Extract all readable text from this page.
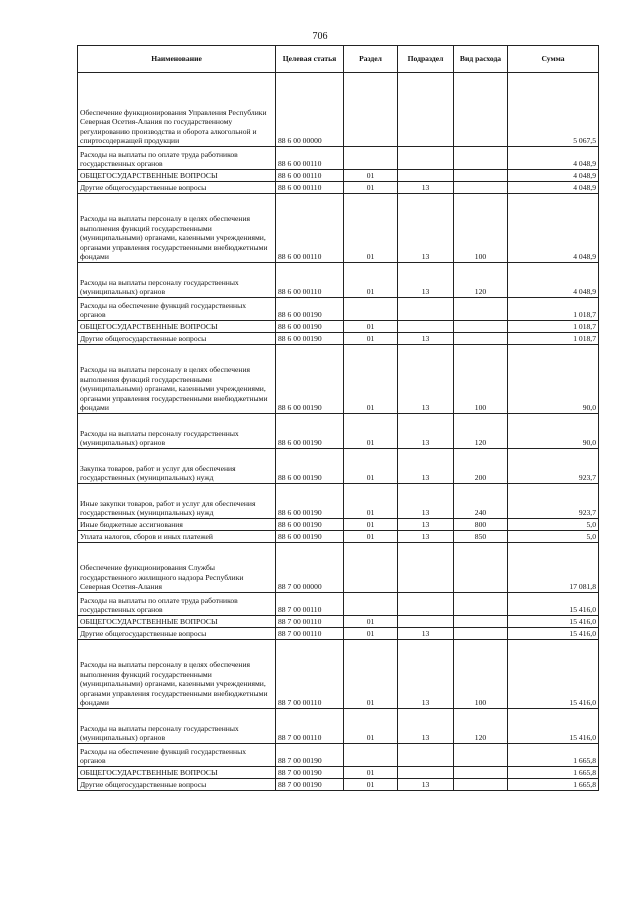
706
Наименование	Целевая статья	Раздел	Подраздел	Вид расхода	Сумма
Обеспечение функционирования Управления Республики Северная Осетия-Алания по государственному регулированию производства и оборота алкогольной и спиртосодержащей продукции	88 6 00 00000				5 067,5
Расходы на выплаты по оплате труда работников государственных органов	88 6 00 00110				4 048,9
ОБЩЕГОСУДАРСТВЕННЫЕ ВОПРОСЫ	88 6 00 00110	01			4 048,9
Другие общегосударственные вопросы	88 6 00 00110	01	13		4 048,9
Расходы на выплаты персоналу в целях обеспечения выполнения функций государственными (муниципальными) органами, казенными учреждениями, органами управления государственными внебюджетными фондами	88 6 00 00110	01	13	100	4 048,9
Расходы на выплаты персоналу государственных (муниципальных) органов	88 6 00 00110	01	13	120	4 048,9
Расходы на обеспечение функций государственных органов	88 6 00 00190				1 018,7
ОБЩЕГОСУДАРСТВЕННЫЕ ВОПРОСЫ	88 6 00 00190	01			1 018,7
Другие общегосударственные вопросы	88 6 00 00190	01	13		1 018,7
Расходы на выплаты персоналу в целях обеспечения выполнения функций государственными (муниципальными) органами, казенными учреждениями, органами управления государственными внебюджетными фондами	88 6 00 00190	01	13	100	90,0
Расходы на выплаты персоналу государственных (муниципальных) органов	88 6 00 00190	01	13	120	90,0
Закупка товаров, работ и услуг для обеспечения государственных (муниципальных) нужд	88 6 00 00190	01	13	200	923,7
Иные закупки товаров, работ и услуг для обеспечения государственных (муниципальных) нужд	88 6 00 00190	01	13	240	923,7
Иные бюджетные ассигнования	88 6 00 00190	01	13	800	5,0
Уплата налогов, сборов и иных платежей	88 6 00 00190	01	13	850	5,0
Обеспечение функционирования Службы государственного жилищного надзора Республики Северная Осетия-Алания	88 7 00 00000				17 081,8
Расходы на выплаты по оплате труда работников государственных органов	88 7 00 00110				15 416,0
ОБЩЕГОСУДАРСТВЕННЫЕ ВОПРОСЫ	88 7 00 00110	01			15 416,0
Другие общегосударственные вопросы	88 7 00 00110	01	13		15 416,0
Расходы на выплаты персоналу в целях обеспечения выполнения функций государственными (муниципальными) органами, казенными учреждениями, органами управления государственными внебюджетными фондами	88 7 00 00110	01	13	100	15 416,0
Расходы на выплаты персоналу государственных (муниципальных) органов	88 7 00 00110	01	13	120	15 416,0
Расходы на обеспечение функций государственных органов	88 7 00 00190				1 665,8
ОБЩЕГОСУДАРСТВЕННЫЕ ВОПРОСЫ	88 7 00 00190	01			1 665,8
Другие общегосударственные вопросы	88 7 00 00190	01	13		1 665,8
